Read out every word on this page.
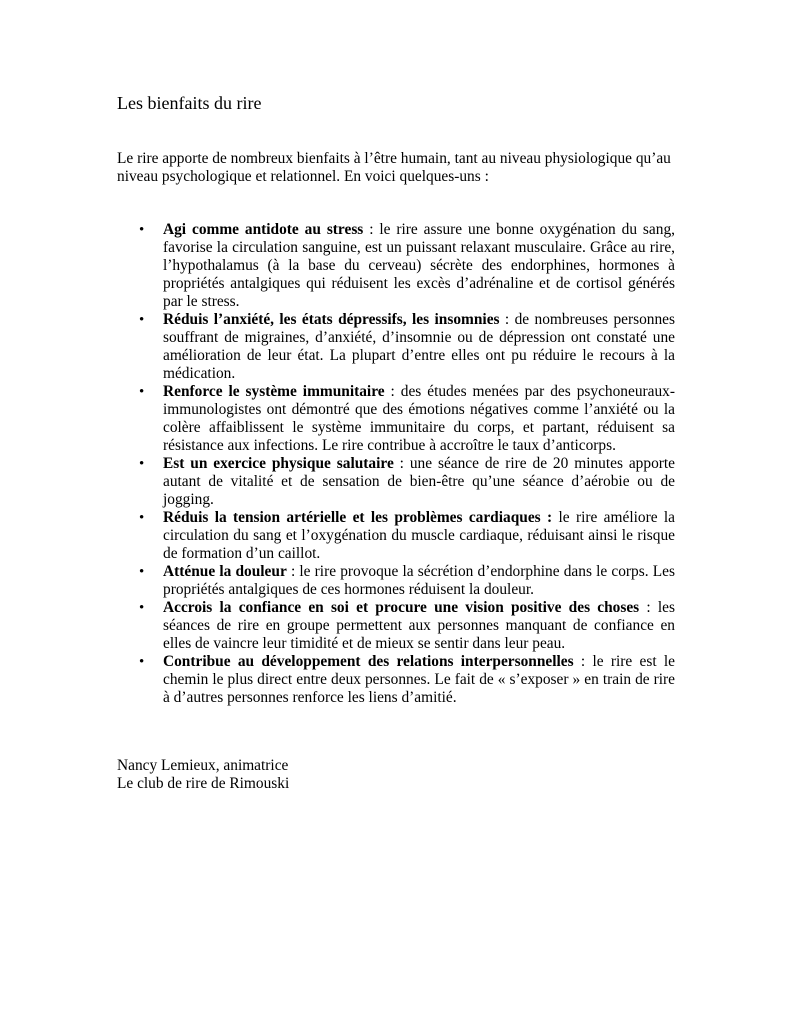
Les bienfaits du rire

Le rire apporte de nombreux bienfaits à l’être humain, tant au niveau physiologique qu’au niveau psychologique et relationnel. En voici quelques-uns :

• Agi comme antidote au stress : le rire assure une bonne oxygénation du sang, favorise la circulation sanguine, est un puissant relaxant musculaire. Grâce au rire, l’hypothalamus (à la base du cerveau) sécrète des endorphines, hormones à propriétés antalgiques qui réduisent les excès d’adrénaline et de cortisol générés par le stress.
• Réduis l’anxiété, les états dépressifs, les insomnies : de nombreuses personnes souffrant de migraines, d’anxiété, d’insomnie ou de dépression ont constaté une amélioration de leur état. La plupart d’entre elles ont pu réduire le recours à la médication.
• Renforce le système immunitaire : des études menées par des psychoneuraux-immunologistes ont démontré que des émotions négatives comme l’anxiété ou la colère affaiblissent le système immunitaire du corps, et partant, réduisent sa résistance aux infections. Le rire contribue à accroître le taux d’anticorps.
• Est un exercice physique salutaire : une séance de rire de 20 minutes apporte autant de vitalité et de sensation de bien-être qu’une séance d’aérobie ou de jogging.
• Réduis la tension artérielle et les problèmes cardiaques : le rire améliore la circulation du sang et l’oxygénation du muscle cardiaque, réduisant ainsi le risque de formation d’un caillot.
• Atténue la douleur : le rire provoque la sécrétion d’endorphine dans le corps. Les propriétés antalgiques de ces hormones réduisent la douleur.
• Accrois la confiance en soi et procure une vision positive des choses : les séances de rire en groupe permettent aux personnes manquant de confiance en elles de vaincre leur timidité et de mieux se sentir dans leur peau.
• Contribue au développement des relations interpersonnelles : le rire est le chemin le plus direct entre deux personnes. Le fait de « s’exposer » en train de rire à d’autres personnes renforce les liens d’amitié.
Nancy Lemieux, animatrice
Le club de rire de Rimouski
